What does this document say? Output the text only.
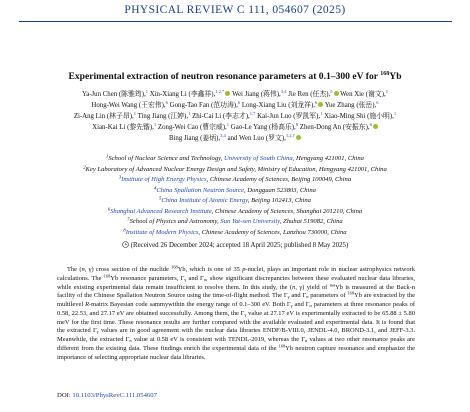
PHYSICAL REVIEW C 111, 054607 (2025)
Experimental extraction of neutron resonance parameters at 0.1–300 eV for $^{168}$Yb
Ya-Jun Chen (陈雅筠),$^1$ Xin-Xiang Li (李鑫祥),$^{1,2,*}$ Wei Jiang (蒋伟),$^{3,4}$ Jie Ren (任杰),$^5$ Wen Xie (谢文),$^1$
Hong-Wei Wang (王宏伟),$^6$ Gong-Tao Fan (范功涛),$^6$ Long-Xiang Liu (刘龙祥),$^6$ Yue Zhang (张岳),$^6$
Zi-Ang Lin (林子昂),$^1$ Ting Jiang (江婷),$^1$ Zhi-Cai Li (李志才),$^{1,7}$ Kai-Jun Luo (罗凯军),$^1$ Xiao-Ming Shi (施小明),$^1$
Xian-Kai Li (黎先锴),$^1$ Zong-Wei Cao (曹宗威),$^1$ Gao-Le Yang (杨高乐),$^8$ Zhen-Dong An (安振东),$^6$
Bing Jiang (姜炳),$^{3,4}$ and Wen Luo (罗文),$^{1,2,\dagger}$
$^1$School of Nuclear Science and Technology, University of South China, Hengyang 421001, China
$^2$Key Laboratory of Advanced Nuclear Energy Design and Safety, Ministry of Education, Hengyang 421001, China
$^3$Institute of High Energy Physics, Chinese Academy of Sciences, Beijing 100049, China
$^4$China Spallation Neutron Source, Dongguan 523803, China
$^5$China Institute of Atomic Energy, Beijing 102413, China
$^6$Shanghai Advanced Research Institute, Chinese Academy of Sciences, Shanghai 201210, China
$^7$School of Physics and Astronomy, Sun Yat-sen University, Zhuhai 519082, China
$^8$Institute of Modern Physics, Chinese Academy of Sciences, Lanzhou 730000, China
(Received 26 December 2024; accepted 18 April 2025; published 8 May 2025)

The (n, γ) cross section of the nuclide $^{168}$Yb, which is one of 35 p-nuclei, plays an important role in nuclear astrophysics network calculations. The $^{168}$Yb resonance parameters, $\Gamma_\gamma$ and $\Gamma_n$, show significant discrepancies between these evaluated nuclear data libraries, while existing experimental data remain insufficient to resolve them. In this study, the (n, γ) yield of $^{nat}$Yb is measured at the Back-n facility of the Chinese Spallation Neutron Source using the time-of-flight method. The $\Gamma_\gamma$ and $\Gamma_n$ parameters of $^{168}$Yb are extracted by the multilevel R-matrix Bayesian code sammywithin the energy range of 0.1–300 eV. Both $\Gamma_\gamma$ and $\Gamma_n$ parameters at three resonance peaks of 0.58, 22.53, and 27.17 eV are obtained successfully. Among them, the $\Gamma_\gamma$ value at 27.17 eV is experimentally extracted to be 65.88 ± 5.80 meV for the first time. These resonance results are further compared with the available evaluated and experimental data. It is found that the extracted $\Gamma_\gamma$ values are in good agreement with the nuclear data libraries ENDF/B-VIII.0, JENDL-4.0, BROND-3.1, and JEFF-3.3. Meanwhile, the extracted $\Gamma_n$ value at 0.58 eV is consistent with TENDL-2019, whereas the $\Gamma_n$ values at two other resonance peaks are different from the existing data. These findings enrich the experimental data of the $^{168}$Yb neutron capture resonance and emphasize the importance of selecting appropriate nuclear data libraries.

DOI: 10.1103/PhysRevC.111.054607
